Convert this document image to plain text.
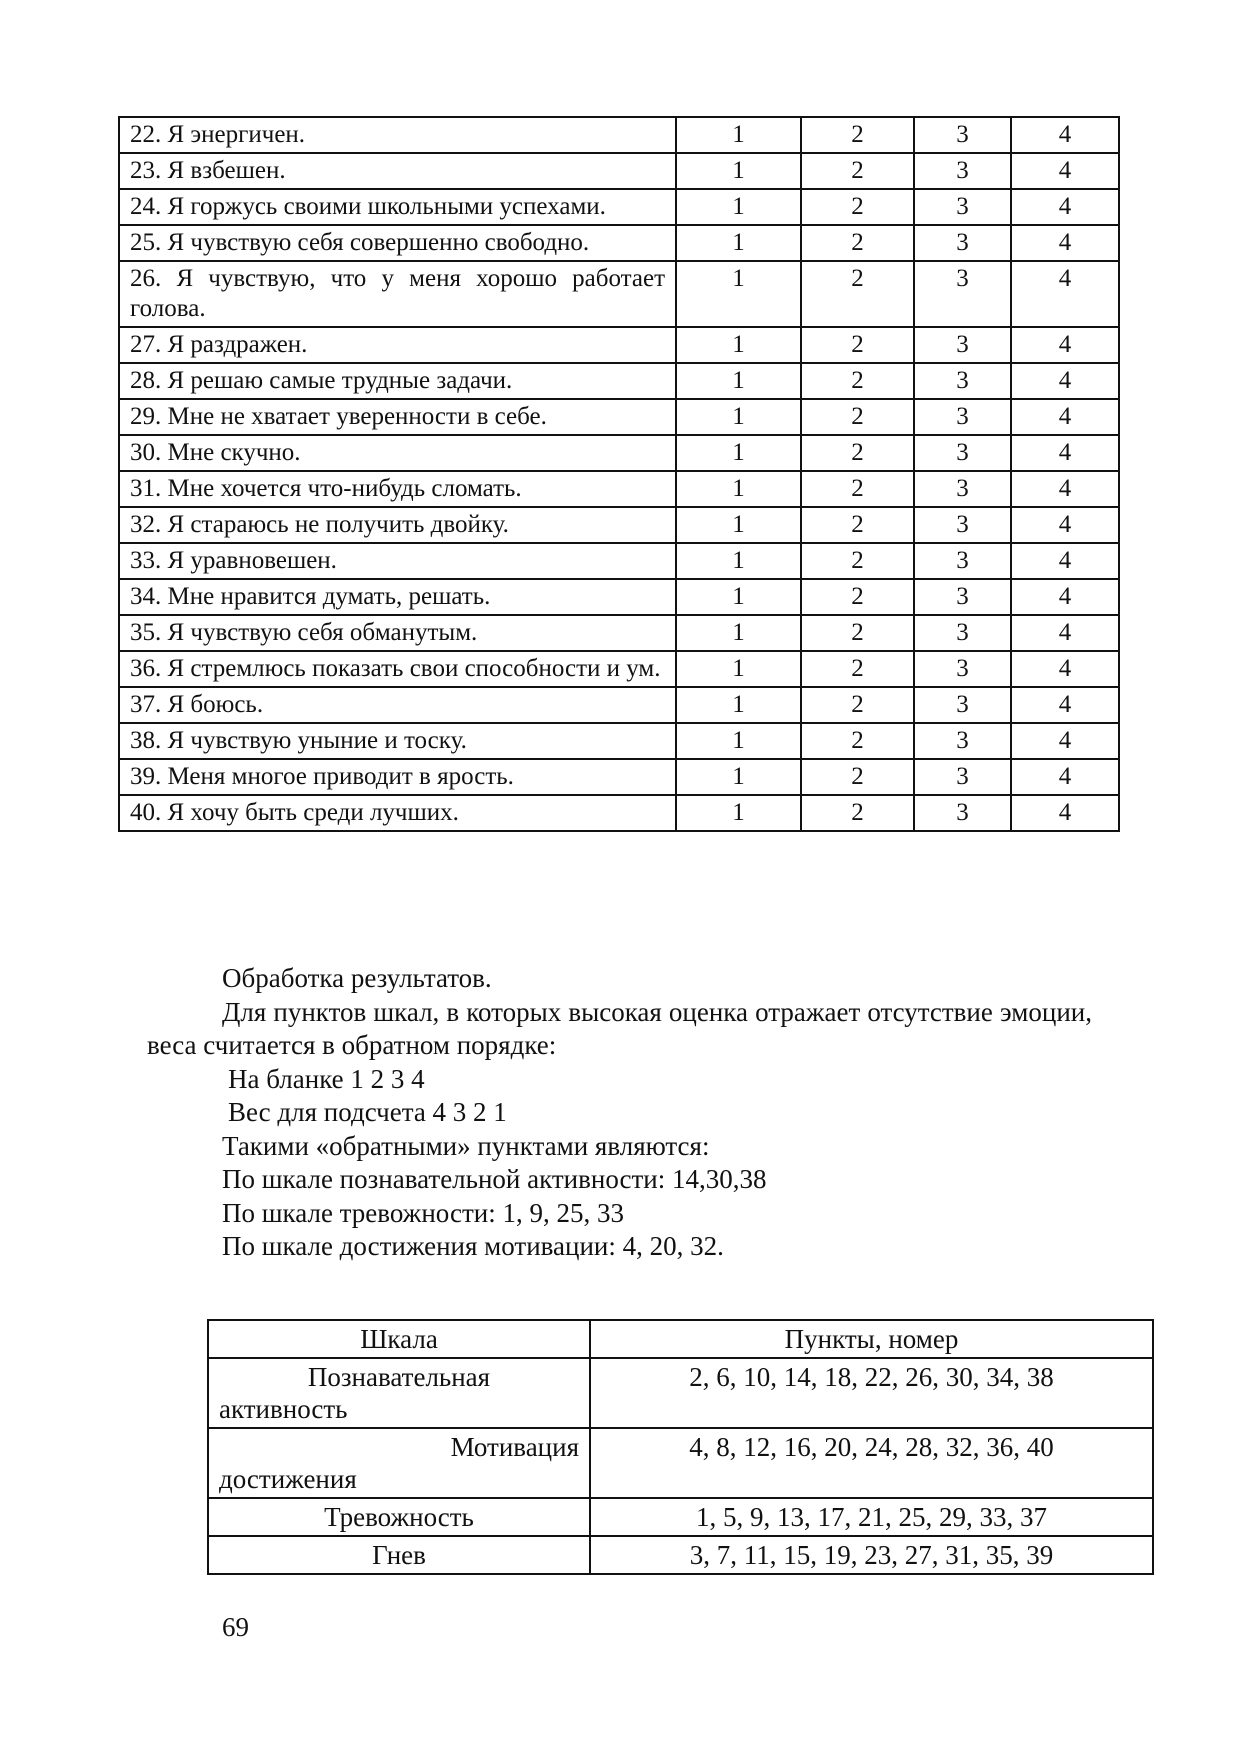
22. Я энергичен.	1	2	3	4
23. Я взбешен.	1	2	3	4
24. Я горжусь своими школьными успехами.	1	2	3	4
25. Я чувствую себя совершенно свободно.	1	2	3	4
26. Я чувствую, что у меня хорошо работает голова.	1	2	3	4
27. Я раздражен.	1	2	3	4
28. Я решаю самые трудные задачи.	1	2	3	4
29. Мне не хватает уверенности в себе.	1	2	3	4
30. Мне скучно.	1	2	3	4
31. Мне хочется что-нибудь сломать.	1	2	3	4
32. Я стараюсь не получить двойку.	1	2	3	4
33. Я уравновешен.	1	2	3	4
34. Мне нравится думать, решать.	1	2	3	4
35. Я чувствую себя обманутым.	1	2	3	4
36. Я стремлюсь показать свои способности и ум.	1	2	3	4
37. Я боюсь.	1	2	3	4
38. Я чувствую уныние и тоску.	1	2	3	4
39. Меня многое приводит в ярость.	1	2	3	4
40. Я хочу быть среди лучших.	1	2	3	4

Обработка результатов.

Для пунктов шкал, в которых высокая оценка отражает отсутствие эмоции, веса считается в обратном порядке:

На бланке 1 2 3 4

Вес для подсчета 4 3 2 1

Такими «обратными» пунктами являются:

По шкале познавательной активности: 14,30,38

По шкале тревожности: 1, 9, 25, 33

По шкале достижения мотивации: 4, 20, 32.

Шкала	Пункты, номер

Познавательная
активность	2, 6, 10, 14, 18, 22, 26, 30, 34, 38

Мотивация
достижения	4, 8, 12, 16, 20, 24, 28, 32, 36, 40
Тревожность	1, 5, 9, 13, 17, 21, 25, 29, 33, 37
Гнев	3, 7, 11, 15, 19, 23, 27, 31, 35, 39
69
